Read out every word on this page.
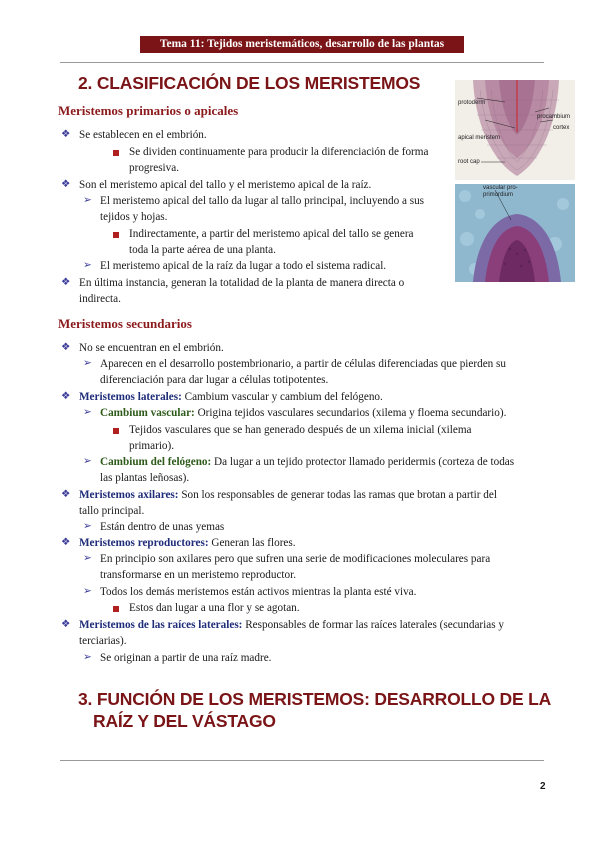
Tema 11: Tejidos meristemáticos, desarrollo de las plantas
2. CLASIFICACIÓN DE LOS MERISTEMOS
protoderm
apical meristem
procambium
cortex
root cap
vascular pro-
primordium
Meristemos primarios o apicales
❖ Se establecen en el embrión.
Se dividen continuamente para producir la diferenciación de forma
progresiva.
❖ Son el meristemo apical del tallo y el meristemo apical de la raíz.
➢ El meristemo apical del tallo da lugar al tallo principal, incluyendo a sus
tejidos y hojas.
Indirectamente, a partir del meristemo apical del tallo se genera
toda la parte aérea de una planta.
➢ El meristemo apical de la raíz da lugar a todo el sistema radical.
❖ En última instancia, generan la totalidad de la planta de manera directa o
indirecta.
Meristemos secundarios
❖ No se encuentran en el embrión.
➢ Aparecen en el desarrollo postembrionario, a partir de células diferenciadas que pierden su
diferenciación para dar lugar a células totipotentes.
❖ Meristemos laterales: Cambium vascular y cambium del felógeno.
➢ Cambium vascular: Origina tejidos vasculares secundarios (xilema y floema secundario).
Tejidos vasculares que se han generado después de un xilema inicial (xilema
primario).
➢ Cambium del felógeno: Da lugar a un tejido protector llamado peridermis (corteza de todas
las plantas leñosas).
❖ Meristemos axilares: Son los responsables de generar todas las ramas que brotan a partir del
tallo principal.
➢ Están dentro de unas yemas
❖ Meristemos reproductores: Generan las flores.
➢ En principio son axilares pero que sufren una serie de modificaciones moleculares para
transformarse en un meristemo reproductor.
➢ Todos los demás meristemos están activos mientras la planta esté viva.
Estos dan lugar a una flor y se agotan.
❖ Meristemos de las raíces laterales: Responsables de formar las raíces laterales (secundarias y
terciarias).
➢ Se originan a partir de una raíz madre.
3. FUNCIÓN DE LOS MERISTEMOS: DESARROLLO DE LA
RAÍZ Y DEL VÁSTAGO
2
